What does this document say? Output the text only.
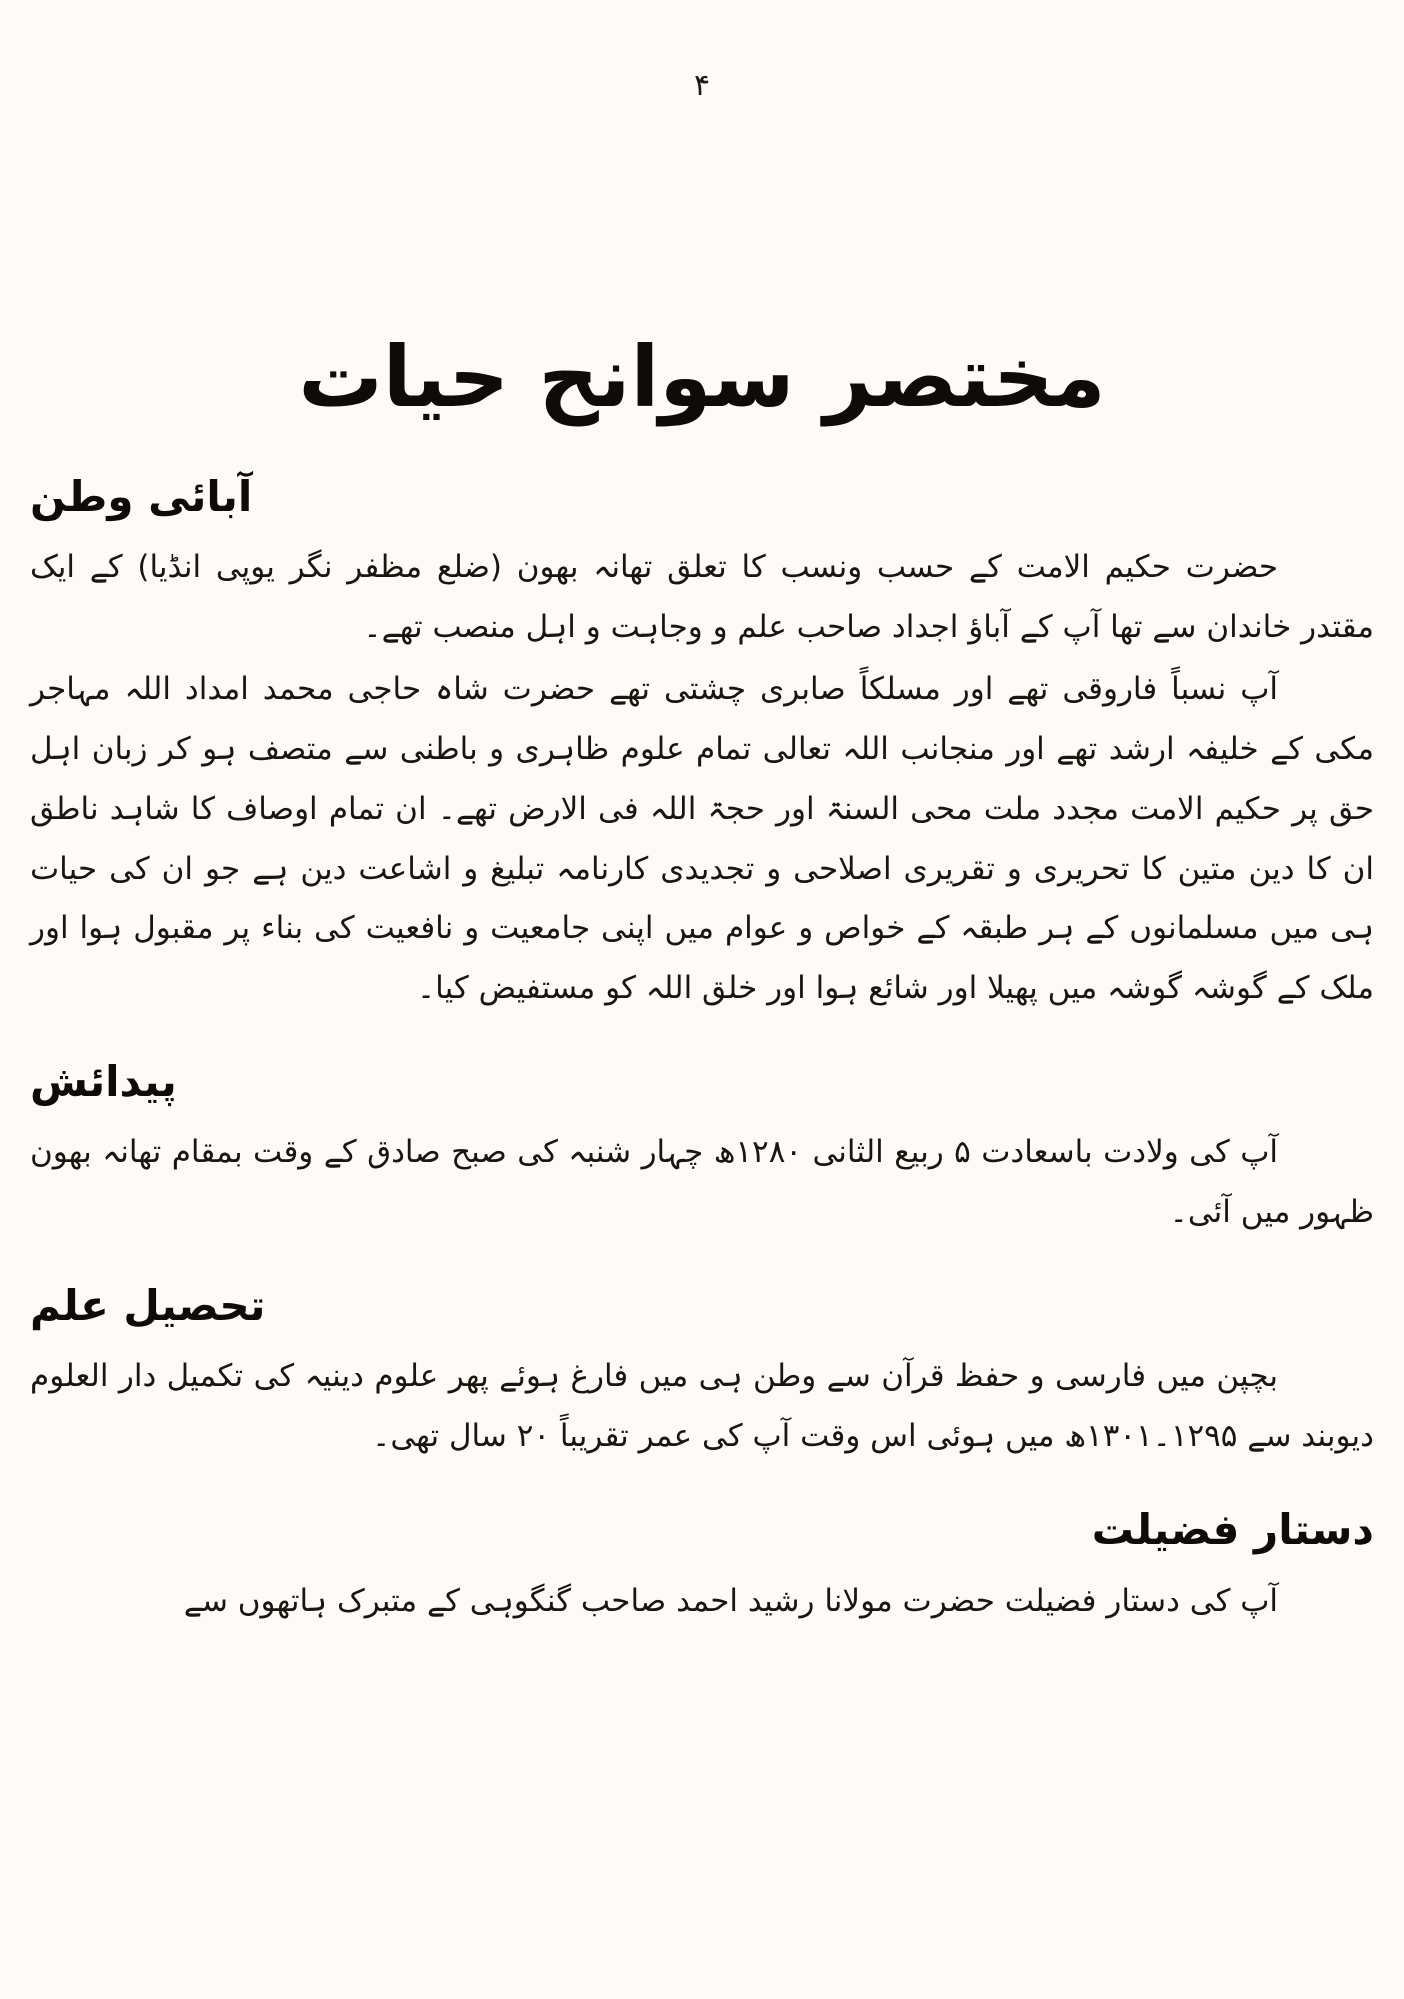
۴
مختصر سوانح حیات
آبائی وطن

حضرت حکیم الامت کے حسب ونسب کا تعلق تھانہ بھون (ضلع مظفر نگر یوپی انڈیا) کے ایک مقتدر خاندان سے تھا آپ کے آباؤ اجداد صاحب علم و وجاہت و اہل منصب تھے۔

آپ نسباً فاروقی تھے اور مسلکاً صابری چشتی تھے حضرت شاہ حاجی محمد امداد اللہ مہاجر مکی کے خلیفہ ارشد تھے اور منجانب اللہ تعالی تمام علوم ظاہری و باطنی سے متصف ہو کر زبان اہل حق پر حکیم الامت مجدد ملت محی السنۃ اور حجۃ اللہ فی الارض تھے۔ ان تمام اوصاف کا شاہد ناطق ان کا دین متین کا تحریری و تقریری اصلاحی و تجدیدی کارنامہ تبلیغ و اشاعت دین ہے جو ان کی حیات ہی میں مسلمانوں کے ہر طبقہ کے خواص و عوام میں اپنی جامعیت و نافعیت کی بناء پر مقبول ہوا اور ملک کے گوشہ گوشہ میں پھیلا اور شائع ہوا اور خلق اللہ کو مستفیض کیا۔

پیدائش

آپ کی ولادت باسعادت ۵ ربیع الثانی ۱۲۸۰ھ چہار شنبہ کی صبح صادق کے وقت بمقام تھانہ بھون ظہور میں آئی۔

تحصیل علم

بچپن میں فارسی و حفظ قرآن سے وطن ہی میں فارغ ہوئے پھر علوم دینیہ کی تکمیل دار العلوم دیوبند سے ۱۲۹۵۔۱۳۰۱ھ میں ہوئی اس وقت آپ کی عمر تقریباً ۲۰ سال تھی۔

دستار فضیلت

آپ کی دستار فضیلت حضرت مولانا رشید احمد صاحب گنگوہی کے متبرک ہاتھوں سے
